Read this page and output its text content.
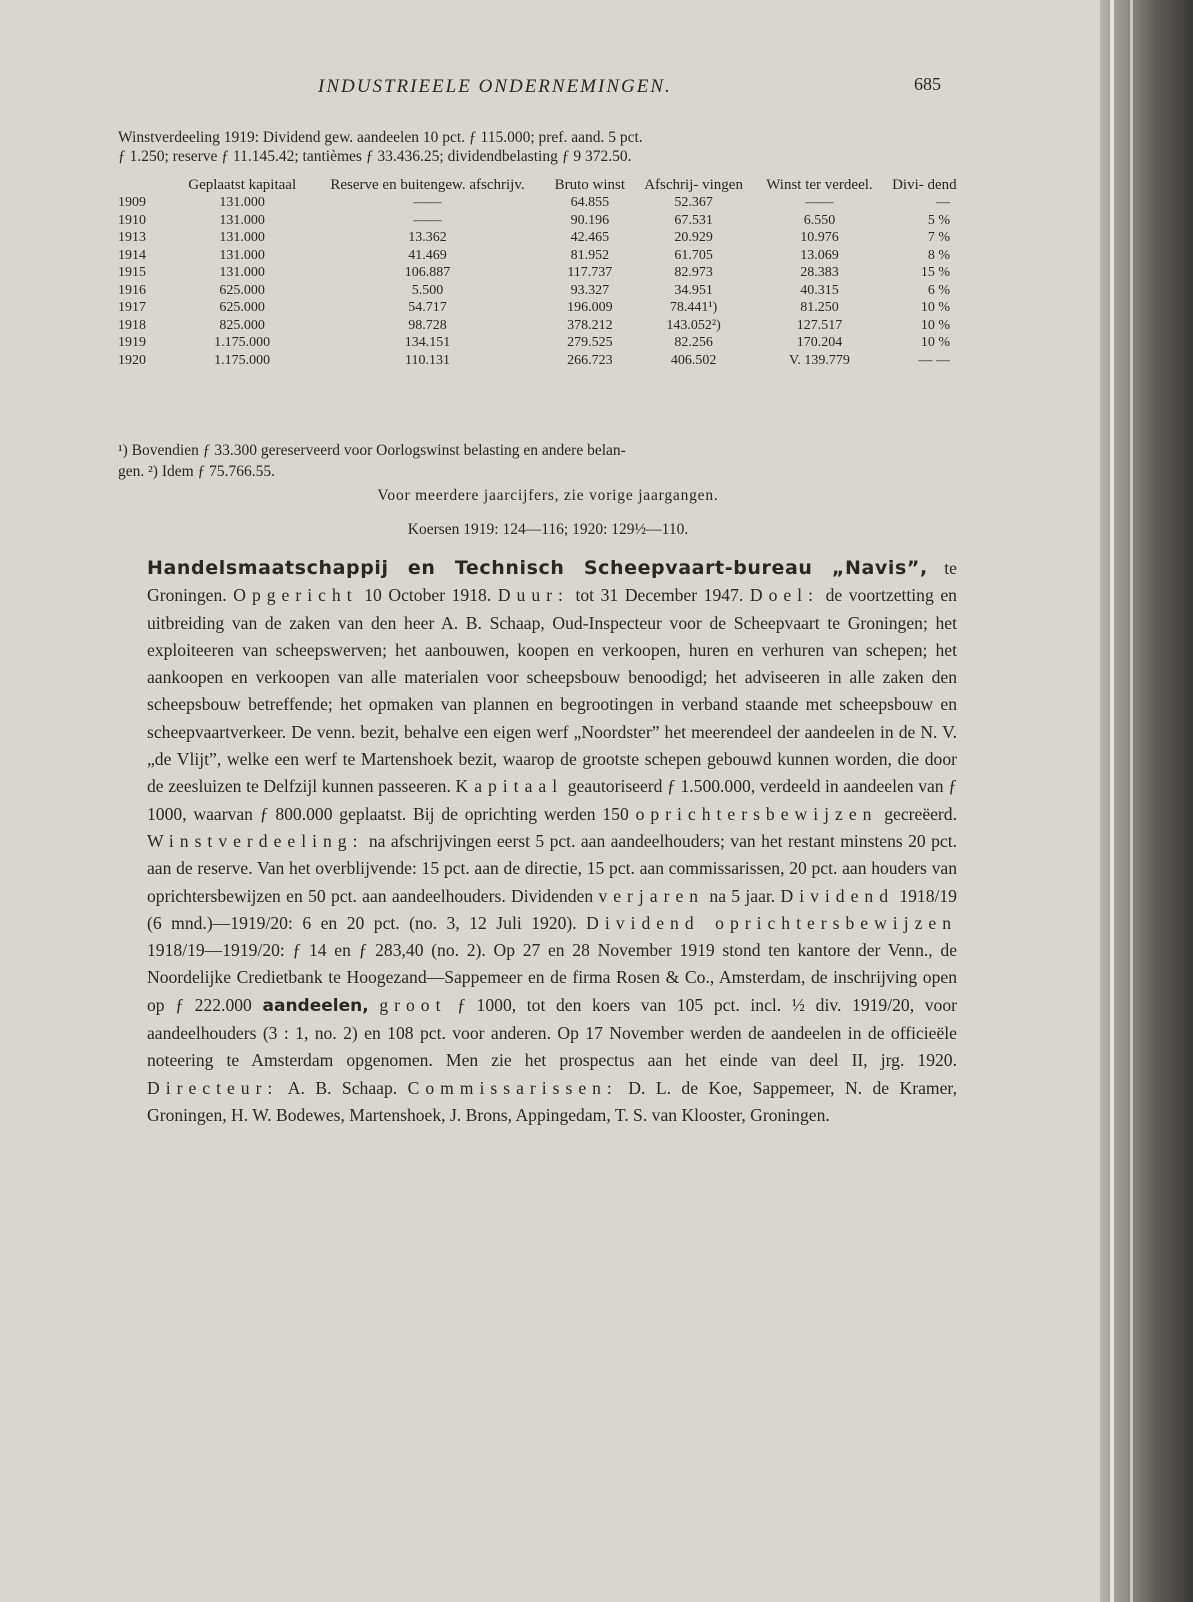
INDUSTRIEELE ONDERNEMINGEN.	685

Winstverdeeling 1919: Dividend gew. aandeelen 10 pct. ƒ 115.000; pref. aand. 5 pct.

ƒ 1.250; reserve ƒ 11.145.42; tantièmes ƒ 33.436.25; dividendbelasting ƒ 9 372.50.

	Geplaatst kapitaal	Reserve en buitengew. afschrijv.	Bruto winst	Afschrij- vingen	Winst ter verdeel.	Divi- dend
1909	131.000	——	64.855	52.367	——	—
1910	131.000	——	90.196	67.531	6.550	5 %
1913	131.000	13.362	42.465	20.929	10.976	7 %
1914	131.000	41.469	81.952	61.705	13.069	8 %
1915	131.000	106.887	117.737	82.973	28.383	15 %
1916	625.000	5.500	93.327	34.951	40.315	6 %
1917	625.000	54.717	196.009	78.441¹)	81.250	10 %
1918	825.000	98.728	378.212	143.052²)	127.517	10 %
1919	1.175.000	134.151	279.525	82.256	170.204	10 %
1920	1.175.000	110.131	266.723	406.502	V. 139.779	— —

¹) Bovendien ƒ 33.300 gereserveerd voor Oorlogswinst belasting en andere belan-

gen. ²) Idem ƒ 75.766.55.

Voor meerdere jaarcijfers, zie vorige jaargangen.
Koersen 1919: 124—116; 1920: 129½—110.

Handelsmaatschappij en Technisch Scheepvaart-bureau „Navis”, te Groningen. Opgericht 10 October 1918. Duur: tot 31 December 1947. Doel: de voortzetting en uitbreiding van de zaken van den heer A. B. Schaap, Oud-Inspecteur voor de Scheepvaart te Groningen; het exploiteeren van scheepswerven; het aanbouwen, koopen en verkoopen, huren en verhuren van schepen; het aankoopen en verkoopen van alle materialen voor scheepsbouw benoodigd; het adviseeren in alle zaken den scheepsbouw betreffende; het opmaken van plannen en begrootingen in verband staande met scheepsbouw en scheepvaartverkeer. De venn. bezit, behalve een eigen werf „Noordster” het meerendeel der aandeelen in de N. V. „de Vlijt”, welke een werf te Martenshoek bezit, waarop de grootste schepen gebouwd kunnen worden, die door de zeesluizen te Delfzijl kunnen passeeren. Kapitaal geautoriseerd ƒ 1.500.000, verdeeld in aandeelen van ƒ 1000, waarvan ƒ 800.000 geplaatst. Bij de oprichting werden 150 oprichtersbewijzen gecreëerd. Winstverdeeling: na afschrijvingen eerst 5 pct. aan aandeelhouders; van het restant minstens 20 pct. aan de reserve. Van het overblijvende: 15 pct. aan de directie, 15 pct. aan commissarissen, 20 pct. aan houders van oprichtersbewijzen en 50 pct. aan aandeelhouders. Dividenden verjaren na 5 jaar. Dividend 1918/19 (6 mnd.)—1919/20: 6 en 20 pct. (no. 3, 12 Juli 1920). Dividend oprichtersbewijzen 1918/19—1919/20: ƒ 14 en ƒ 283,40 (no. 2). Op 27 en 28 November 1919 stond ten kantore der Venn., de Noordelijke Credietbank te Hoogezand—Sappemeer en de firma Rosen & Co., Amsterdam, de inschrijving open op ƒ 222.000 aandeelen, groot ƒ 1000, tot den koers van 105 pct. incl. ½ div. 1919/20, voor aandeelhouders (3 : 1, no. 2) en 108 pct. voor anderen. Op 17 November werden de aandeelen in de officieële noteering te Amsterdam opgenomen. Men zie het prospectus aan het einde van deel II, jrg. 1920. Directeur: A. B. Schaap. Commissarissen: D. L. de Koe, Sappemeer, N. de Kramer, Groningen, H. W. Bodewes, Martenshoek, J. Brons, Appingedam, T. S. van Klooster, Groningen.
